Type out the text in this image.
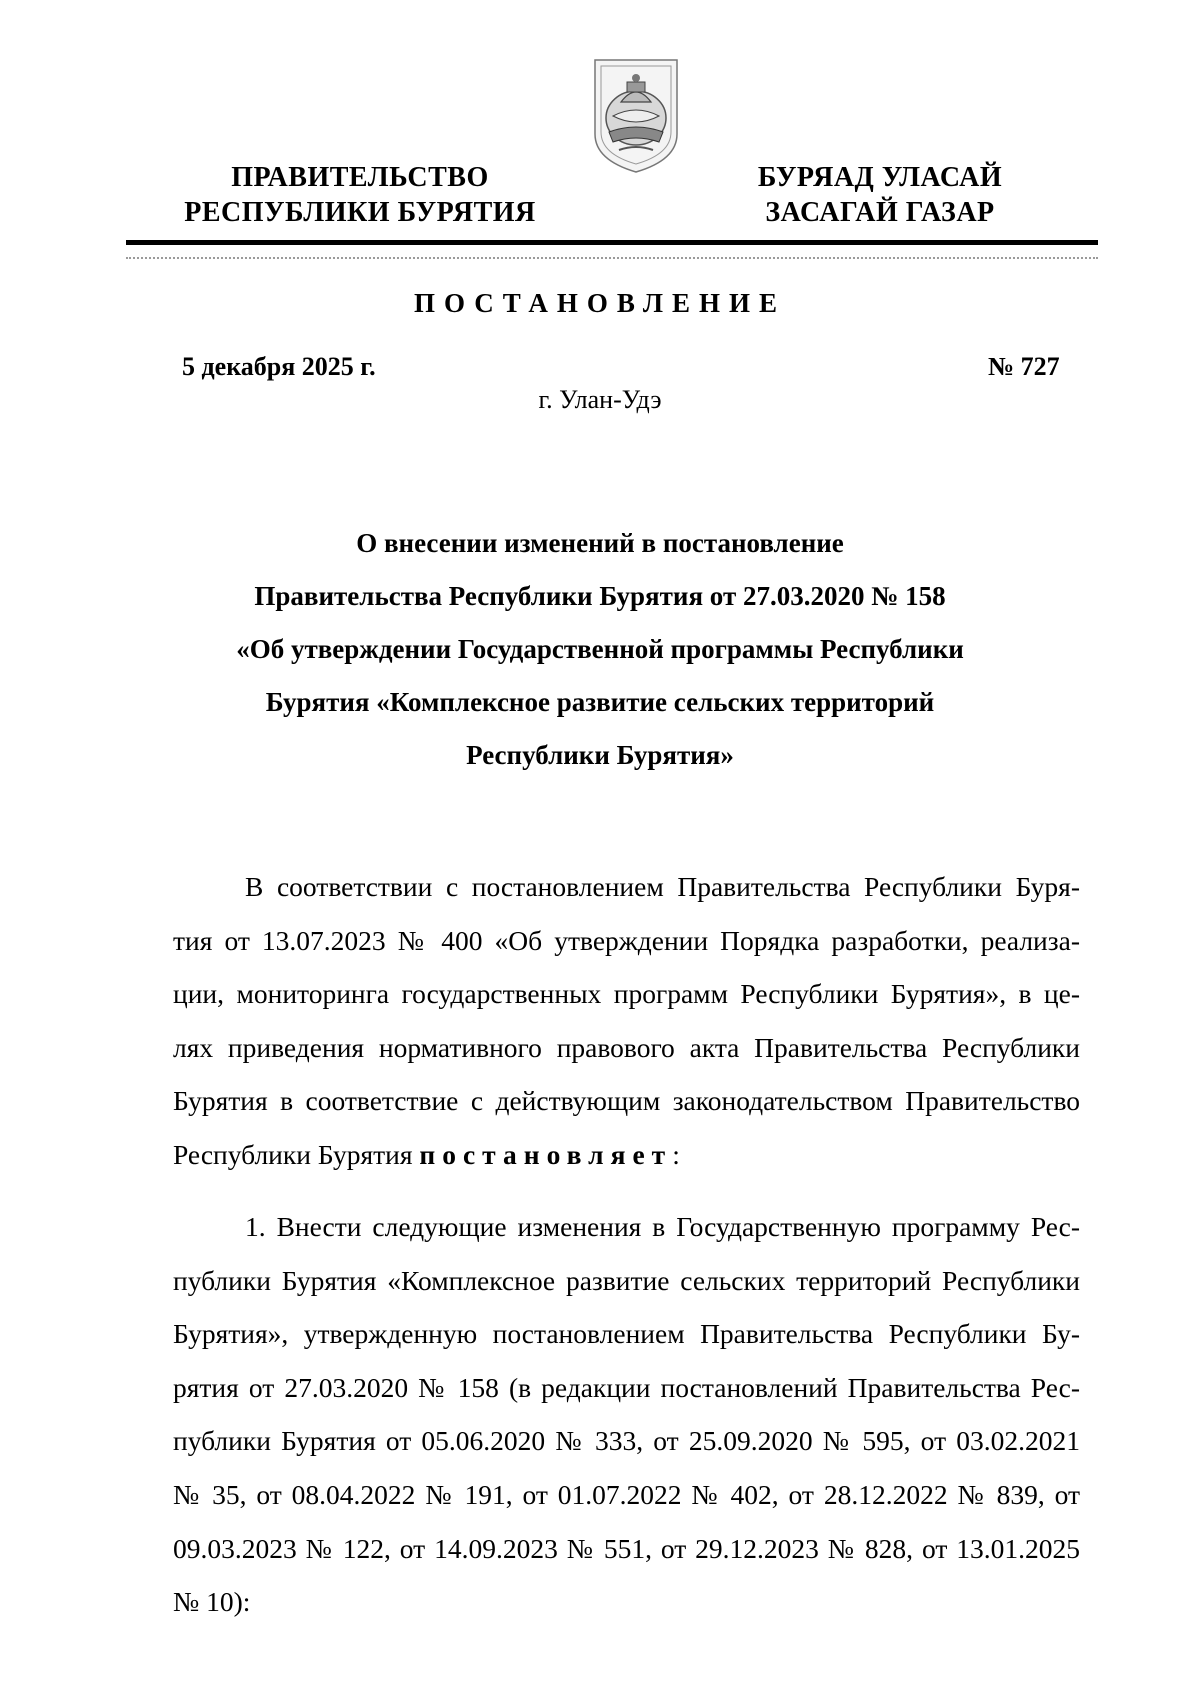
ПРАВИТЕЛЬСТВО
РЕСПУБЛИКИ БУРЯТИЯ
БУРЯАД УЛАСАЙ
ЗАСАГАЙ ГАЗАР
ПОСТАНОВЛЕНИЕ
5 декабря 2025 г.	№ 727
г. Улан-Удэ
О внесении изменений в постановление
Правительства Республики Бурятия от 27.03.2020 № 158
«Об утверждении Государственной программы Республики
Бурятия «Комплексное развитие сельских территорий
Республики Бурятия»
В соответствии с постановлением Правительства Республики Буря-
тия от 13.07.2023 № 400 «Об утверждении Порядка разработки, реализа-
ции, мониторинга государственных программ Республики Бурятия», в це-
лях приведения нормативного правового акта Правительства Республики
Бурятия в соответствие с действующим законодательством Правительство
Республики Бурятия постановляет:
1. Внести следующие изменения в Государственную программу Рес-
публики Бурятия «Комплексное развитие сельских территорий Республики
Бурятия», утвержденную постановлением Правительства Республики Бу-
рятия от 27.03.2020 № 158 (в редакции постановлений Правительства Рес-
публики Бурятия от 05.06.2020 № 333, от 25.09.2020 № 595, от 03.02.2021
№ 35, от 08.04.2022 № 191, от 01.07.2022 № 402, от 28.12.2022 № 839, от
09.03.2023 № 122, от 14.09.2023 № 551, от 29.12.2023 № 828, от 13.01.2025
№ 10):
